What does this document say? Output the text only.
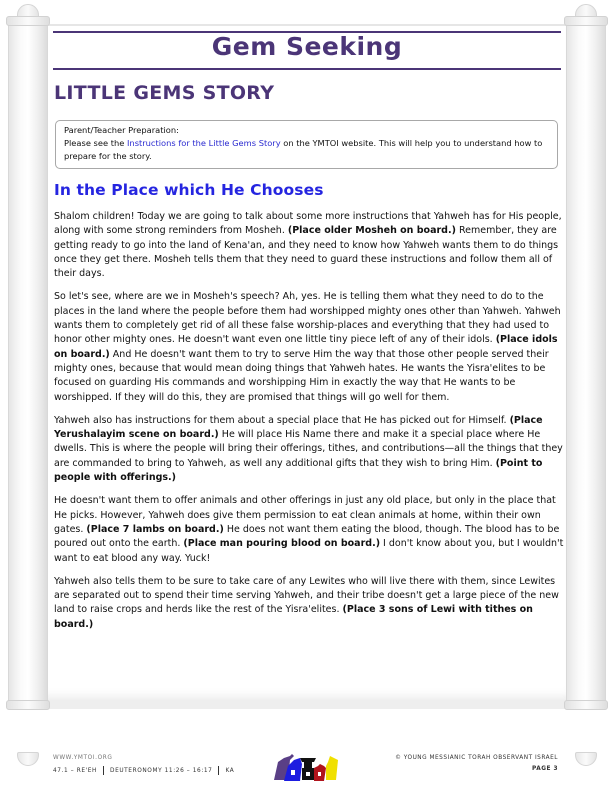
Gem Seeking
LITTLE GEMS STORY
Parent/Teacher Preparation:
Please see the Instructions for the Little Gems Story on the YMTOI website. This will help you to understand how to prepare for the story.
In the Place which He Chooses

Shalom children! Today we are going to talk about some more instructions that Yahweh has for His people, along with some strong reminders from Mosheh. (Place older Mosheh on board.) Remember, they are getting ready to go into the land of Kena'an, and they need to know how Yahweh wants them to do things once they get there. Mosheh tells them that they need to guard these instructions and follow them all of their days.

So let's see, where are we in Mosheh's speech? Ah, yes. He is telling them what they need to do to the places in the land where the people before them had worshipped mighty ones other than Yahweh. Yahweh wants them to completely get rid of all these false worship-places and everything that they had used to honor other mighty ones. He doesn't want even one little tiny piece left of any of their idols. (Place idols on board.) And He doesn't want them to try to serve Him the way that those other people served their mighty ones, because that would mean doing things that Yahweh hates. He wants the Yisra'elites to be focused on guarding His commands and worshipping Him in exactly the way that He wants to be worshipped. If they will do this, they are promised that things will go well for them.

Yahweh also has instructions for them about a special place that He has picked out for Himself. (Place Yerushalayim scene on board.) He will place His Name there and make it a special place where He dwells. This is where the people will bring their offerings, tithes, and contributions—all the things that they are commanded to bring to Yahweh, as well any additional gifts that they wish to bring Him. (Point to people with offerings.)

He doesn't want them to offer animals and other offerings in just any old place, but only in the place that He picks. However, Yahweh does give them permission to eat clean animals at home, within their own gates. (Place 7 lambs on board.) He does not want them eating the blood, though. The blood has to be poured out onto the earth. (Place man pouring blood on board.) I don't know about you, but I wouldn't want to eat blood any way. Yuck!

Yahweh also tells them to be sure to take care of any Lewites who will live there with them, since Lewites are separated out to spend their time serving Yahweh, and their tribe doesn't get a large piece of the new land to raise crops and herds like the rest of the Yisra'elites. (Place 3 sons of Lewi with tithes on board.)

WWW.YMTOI.ORG
47.1 – RE'EH DEUTERONOMY 11:26 – 16:17 KA
© YOUNG MESSIANIC TORAH OBSERVANT ISRAEL
PAGE 3
